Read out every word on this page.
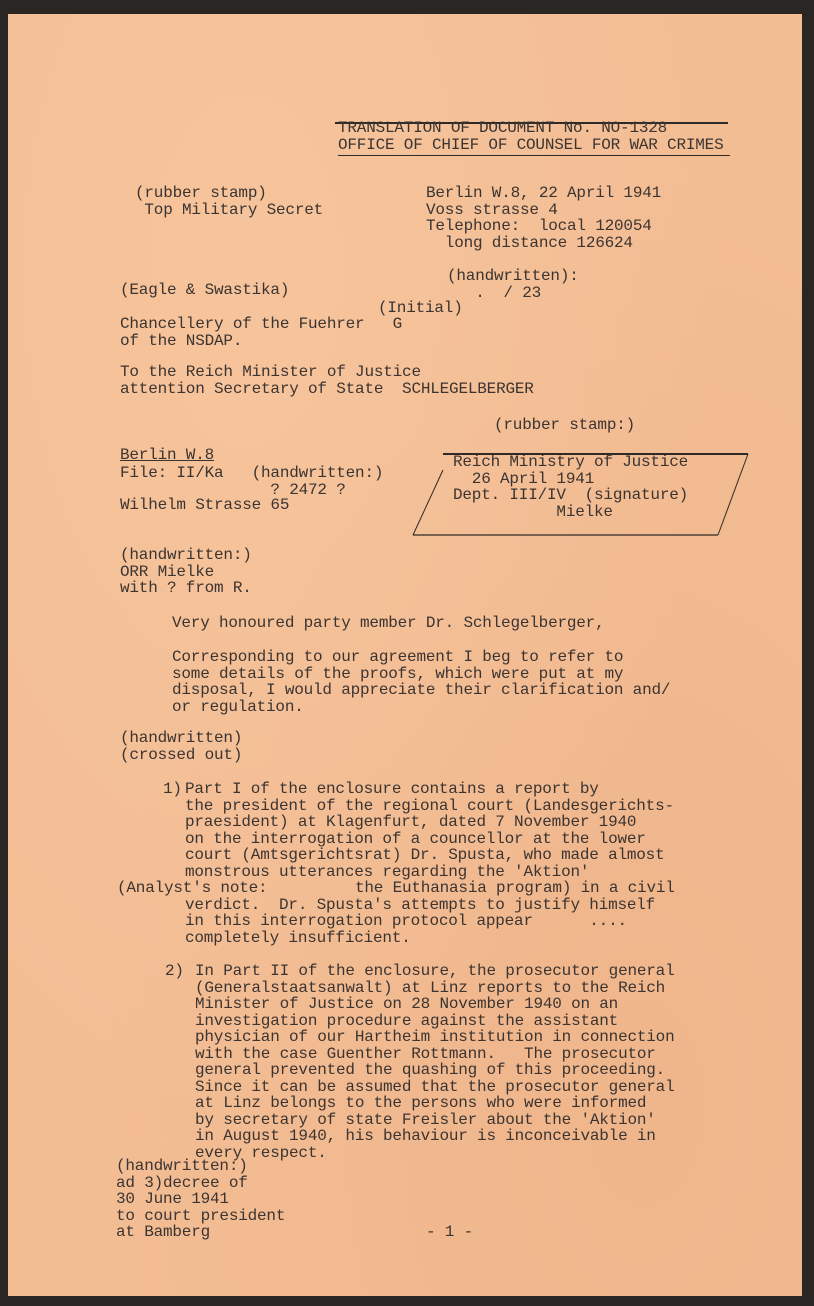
TRANSLATION OF DOCUMENT No. NO-1328
OFFICE OF CHIEF OF COUNSEL FOR WAR CRIMES
(rubber stamp)
Top Military Secret
Berlin W.8, 22 April 1941
Voss strasse 4
Telephone:  local 120054
long distance 126624
(handwritten):
.  / 23
(Eagle & Swastika)
(Initial)
Chancellery of the Fuehrer   G
of the NSDAP.
To the Reich Minister of Justice
attention Secretary of State  SCHLEGELBERGER

Berlin W.8

Wilhelm Strasse 65

(rubber stamp:)
File: II/Ka   (handwritten:)
? 2472 ?
Reich Ministry of Justice
26 April 1941
Dept. III/IV  (signature)
Mielke
(handwritten:)
ORR Mielke
with ? from R.
Very honoured party member Dr. Schlegelberger,
Corresponding to our agreement I beg to refer to
some details of the proofs, which were put at my
disposal, I would appreciate their clarification and/
or regulation.
(handwritten)
(crossed out)
1) Part I of the enclosure contains a report by
the president of the regional court (Landesgerichts-
praesident) at Klagenfurt, dated 7 November 1940
on the interrogation of a councellor at the lower
court (Amtsgerichtsrat) Dr. Spusta, who made almost
monstrous utterances regarding the 'Aktion'
the Euthanasia program) in a civil
verdict.  Dr. Spusta's attempts to justify himself
in this interrogation protocol appear      ....
completely insufficient.
(Analyst's note:
2) In Part II of the enclosure, the prosecutor general
(Generalstaatsanwalt) at Linz reports to the Reich
Minister of Justice on 28 November 1940 on an
investigation procedure against the assistant
physician of our Hartheim institution in connection
with the case Guenther Rottmann.   The prosecutor
general prevented the quashing of this proceeding.
Since it can be assumed that the prosecutor general
at Linz belongs to the persons who were informed
by secretary of state Freisler about the 'Aktion'
in August 1940, his behaviour is inconceivable in
every respect.
(handwritten:)
ad 3)decree of
30 June 1941
to court president
at Bamberg	- 1 -
